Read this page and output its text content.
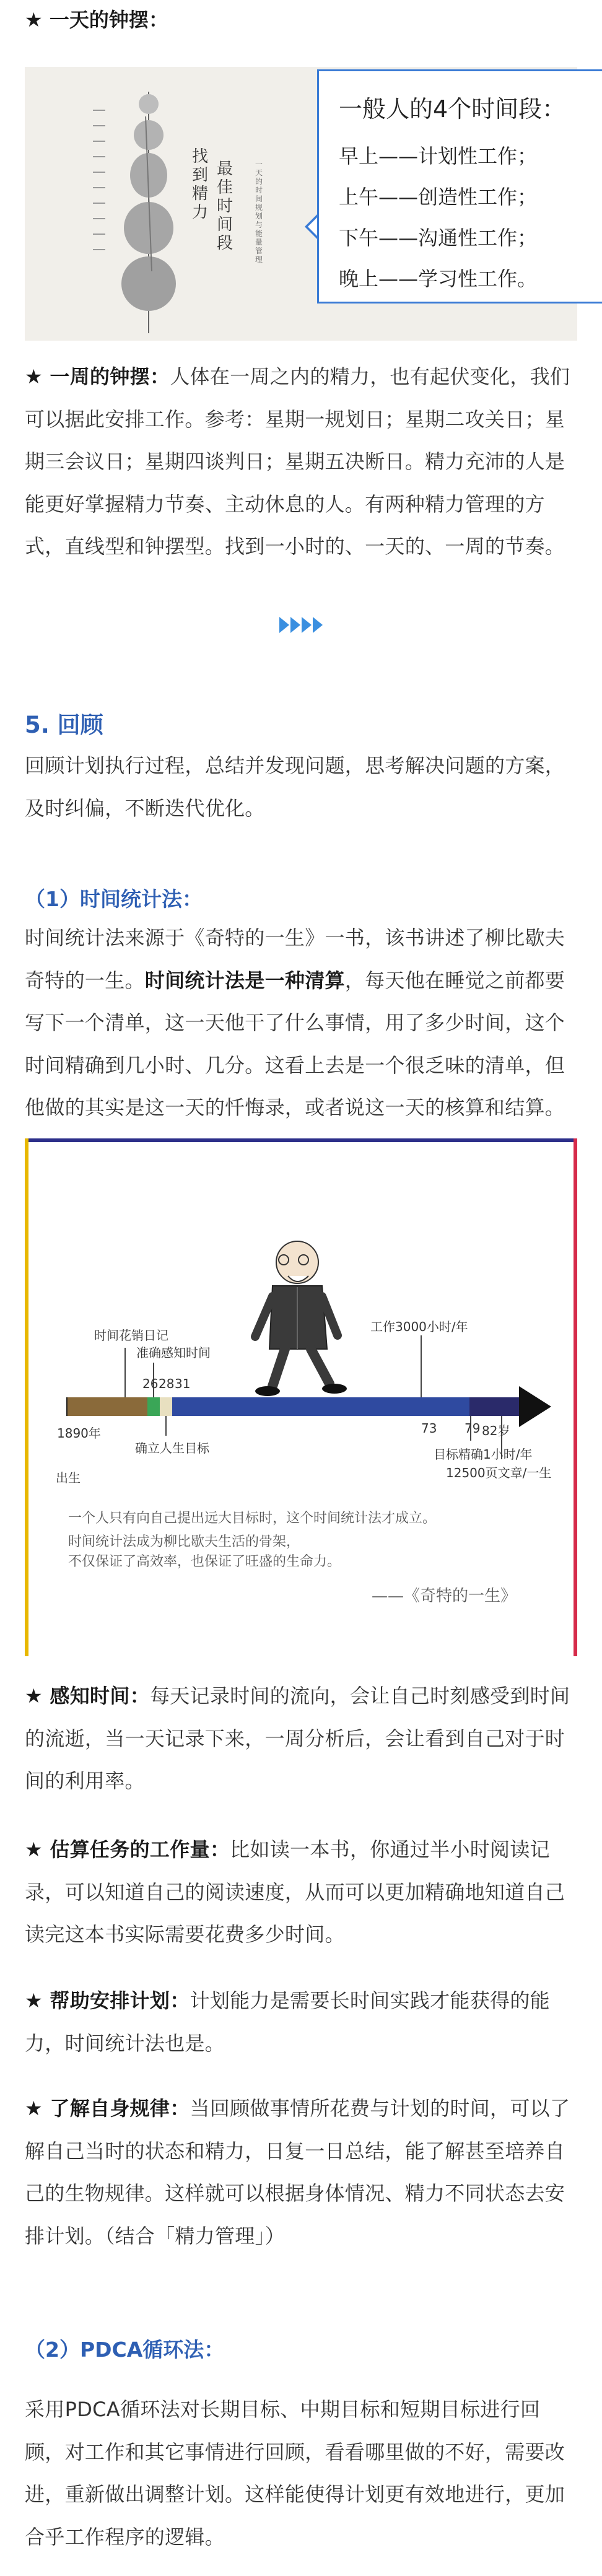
★ 一天的钟摆：
找到
精力
最佳
时间段
一天的时间规划与能量管理
一般人的4个时间段：
早上——计划性工作；
上午——创造性工作；
下午——沟通性工作；
晚上——学习性工作。
★ 一周的钟摆：人体在一周之内的精力，也有起伏变化，我们可以据此安排工作。参考：星期一规划日；星期二攻关日；星期三会议日；星期四谈判日；星期五决断日。精力充沛的人是能更好掌握精力节奏、主动休息的人。有两种精力管理的方式，直线型和钟摆型。找到一小时的、一天的、一周的节奏。
5. 回顾
回顾计划执行过程，总结并发现问题，思考解决问题的方案，及时纠偏，不断迭代优化。
（1）时间统计法：
时间统计法来源于《奇特的一生》一书，该书讲述了柳比歇夫奇特的一生。时间统计法是一种清算，每天他在睡觉之前都要写下一个清单，这一天他干了什么事情，用了多少时间，这个时间精确到几小时、几分。这看上去是一个很乏味的清单，但他做的其实是这一天的忏悔录，或者说这一天的核算和结算。
时间花销日记
准确感知时间
工作3000小时/年
1890年
26 28 31
73 79 82岁
出生
确立人生目标	目标精确1小时/年
12500页文章/一生
一个人只有向自己提出远大目标时，这个时间统计法才成立。
时间统计法成为柳比歇夫生活的骨架，
不仅保证了高效率，也保证了旺盛的生命力。
——《奇特的一生》
★ 感知时间：每天记录时间的流向，会让自己时刻感受到时间的流逝，当一天记录下来，一周分析后，会让看到自己对于时间的利用率。
★ 估算任务的工作量：比如读一本书，你通过半小时阅读记录，可以知道自己的阅读速度，从而可以更加精确地知道自己读完这本书实际需要花费多少时间。
★ 帮助安排计划：计划能力是需要长时间实践才能获得的能力，时间统计法也是。
★ 了解自身规律：当回顾做事情所花费与计划的时间，可以了解自己当时的状态和精力，日复一日总结，能了解甚至培养自己的生物规律。这样就可以根据身体情况、精力不同状态去安排计划。（结合「精力管理」）
（2）PDCA循环法：
采用PDCA循环法对长期目标、中期目标和短期目标进行回顾，对工作和其它事情进行回顾，看看哪里做的不好，需要改进，重新做出调整计划。这样能使得计划更有效地进行，更加合乎工作程序的逻辑。
